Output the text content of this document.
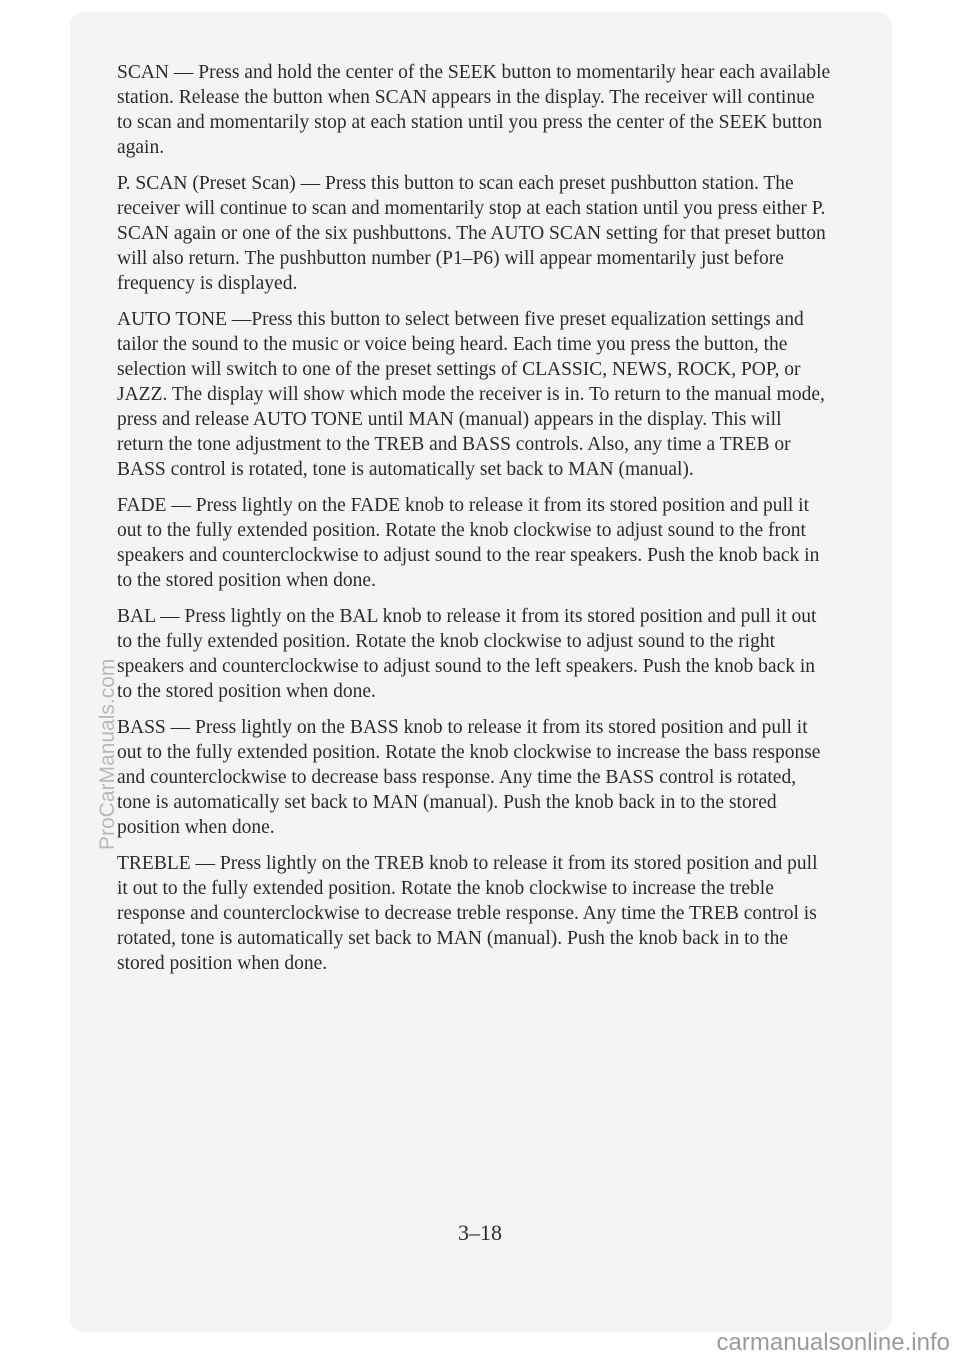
SCAN — Press and hold the center of the SEEK button to momentarily hear each available station. Release the button when SCAN appears in the display. The receiver will continue to scan and momentarily stop at each station until you press the center of the SEEK button again.

P. SCAN (Preset Scan) — Press this button to scan each preset pushbutton station. The receiver will continue to scan and momentarily stop at each station until you press either P. SCAN again or one of the six pushbuttons. The AUTO SCAN setting for that preset button will also return. The pushbutton number (P1–P6) will appear momentarily just before frequency is displayed.

AUTO TONE —Press this button to select between five preset equalization settings and tailor the sound to the music or voice being heard. Each time you press the button, the selection will switch to one of the preset settings of CLASSIC, NEWS, ROCK, POP, or JAZZ. The display will show which mode the receiver is in. To return to the manual mode, press and release AUTO TONE until MAN (manual) appears in the display. This will return the tone adjustment to the TREB and BASS controls. Also, any time a TREB or BASS control is rotated, tone is automatically set back to MAN (manual).

FADE — Press lightly on the FADE knob to release it from its stored position and pull it out to the fully extended position. Rotate the knob clockwise to adjust sound to the front speakers and counterclockwise to adjust sound to the rear speakers. Push the knob back in to the stored position when done.

BAL — Press lightly on the BAL knob to release it from its stored position and pull it out to the fully extended position. Rotate the knob clockwise to adjust sound to the right speakers and counterclockwise to adjust sound to the left speakers. Push the knob back in to the stored position when done.

BASS — Press lightly on the BASS knob to release it from its stored position and pull it out to the fully extended position. Rotate the knob clockwise to increase the bass response and counterclockwise to decrease bass response. Any time the BASS control is rotated, tone is automatically set back to MAN (manual). Push the knob back in to the stored position when done.

TREBLE — Press lightly on the TREB knob to release it from its stored position and pull it out to the fully extended position. Rotate the knob clockwise to increase the treble response and counterclockwise to decrease treble response. Any time the TREB control is rotated, tone is automatically set back to MAN (manual). Push the knob back in to the stored position when done.

3–18
ProCarManuals.com
carmanualsonline.info
